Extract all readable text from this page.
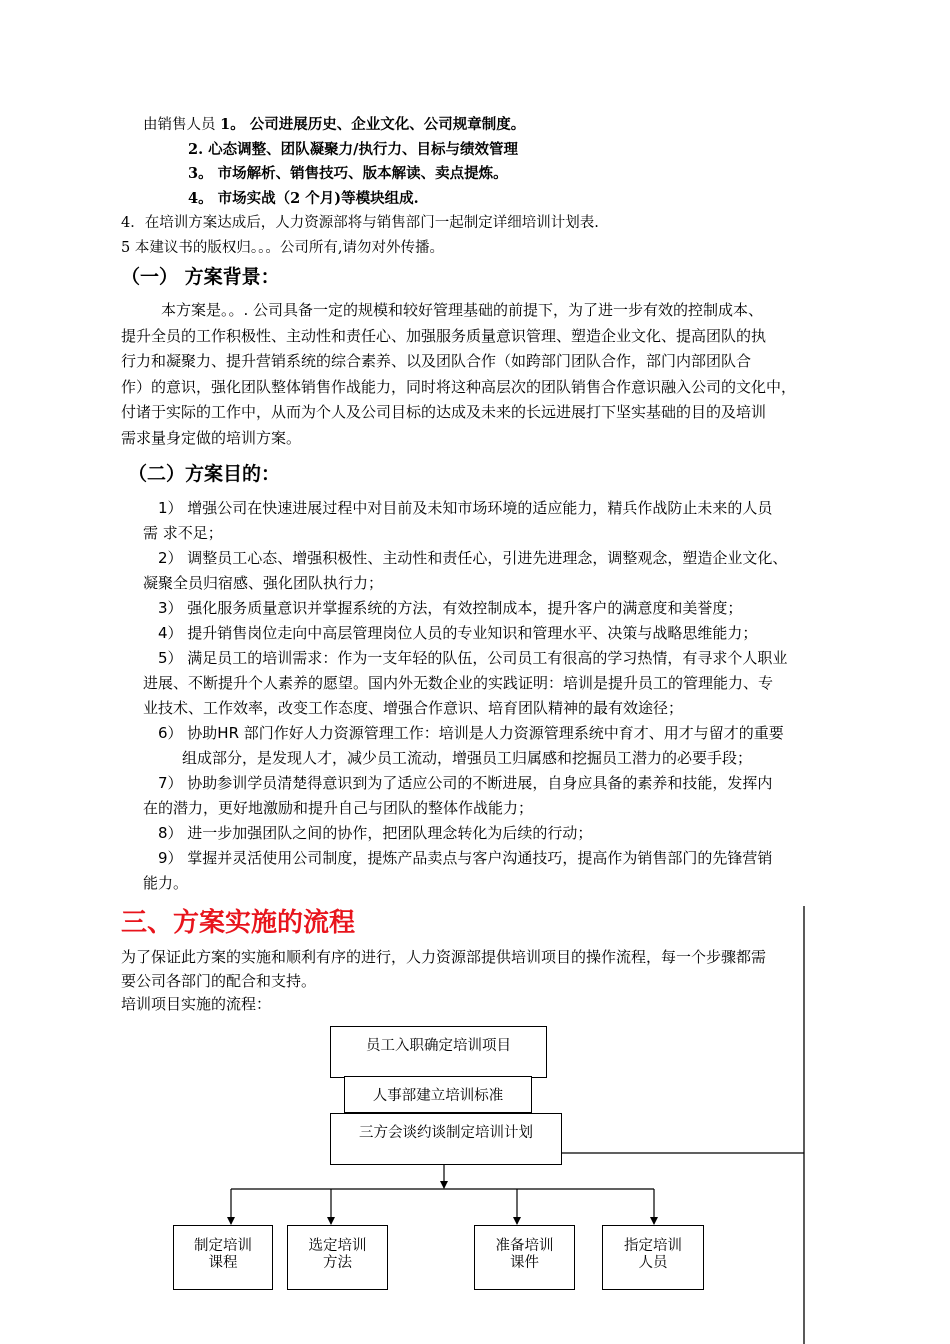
由销售人员 1。 公司进展历史、企业文化、公司规章制度。
2. 心态调整、团队凝聚力/执行力、目标与绩效管理
3。 市场解析、销售技巧、版本解读、卖点提炼。
4。 市场实战（2 个月)等模块组成.
4．在培训方案达成后，人力资源部将与销售部门一起制定详细培训计划表.
5 本建议书的版权归。。。公司所有,请勿对外传播。
（一） 方案背景：
本方案是。。. 公司具备一定的规模和较好管理基础的前提下，为了进一步有效的控制成本、
提升全员的工作积极性、主动性和责任心、加强服务质量意识管理、塑造企业文化、提高团队的执
行力和凝聚力、提升营销系统的综合素养、以及团队合作（如跨部门团队合作，部门内部团队合
作）的意识，强化团队整体销售作战能力，同时将这种高层次的团队销售合作意识融入公司的文化中，
付诸于实际的工作中，从而为个人及公司目标的达成及未来的长远进展打下坚实基础的目的及培训
需求量身定做的培训方案。
（二）方案目的：
1） 增强公司在快速进展过程中对目前及未知市场环境的适应能力，精兵作战防止未来的人员
需 求不足；
2） 调整员工心态、增强积极性、主动性和责任心，引进先进理念，调整观念，塑造企业文化、
凝聚全员归宿感、强化团队执行力；
3） 强化服务质量意识并掌握系统的方法，有效控制成本，提升客户的满意度和美誉度；
4） 提升销售岗位走向中高层管理岗位人员的专业知识和管理水平、决策与战略思维能力；
5） 满足员工的培训需求：作为一支年轻的队伍，公司员工有很高的学习热情，有寻求个人职业
进展、不断提升个人素养的愿望。国内外无数企业的实践证明：培训是提升员工的管理能力、专
业技术、工作效率，改变工作态度、增强合作意识、培育团队精神的最有效途径；
6） 协助HR 部门作好人力资源管理工作：培训是人力资源管理系统中育才、用才与留才的重要
组成部分，是发现人才，减少员工流动，增强员工归属感和挖掘员工潜力的必要手段；
7） 协助参训学员清楚得意识到为了适应公司的不断进展，自身应具备的素养和技能，发挥内
在的潜力，更好地激励和提升自己与团队的整体作战能力；
8） 进一步加强团队之间的协作，把团队理念转化为后续的行动；
9） 掌握并灵活使用公司制度，提炼产品卖点与客户沟通技巧，提高作为销售部门的先锋营销
能力。
三、方案实施的流程
为了保证此方案的实施和顺利有序的进行，人力资源部提供培训项目的操作流程，每一个步骤都需
要公司各部门的配合和支持。
培训项目实施的流程：
员工入职确定培训项目
人事部建立培训标准
三方会谈约谈制定培训计划
制定培训
课程
选定培训
方法
准备培训
课件
指定培训
人员
